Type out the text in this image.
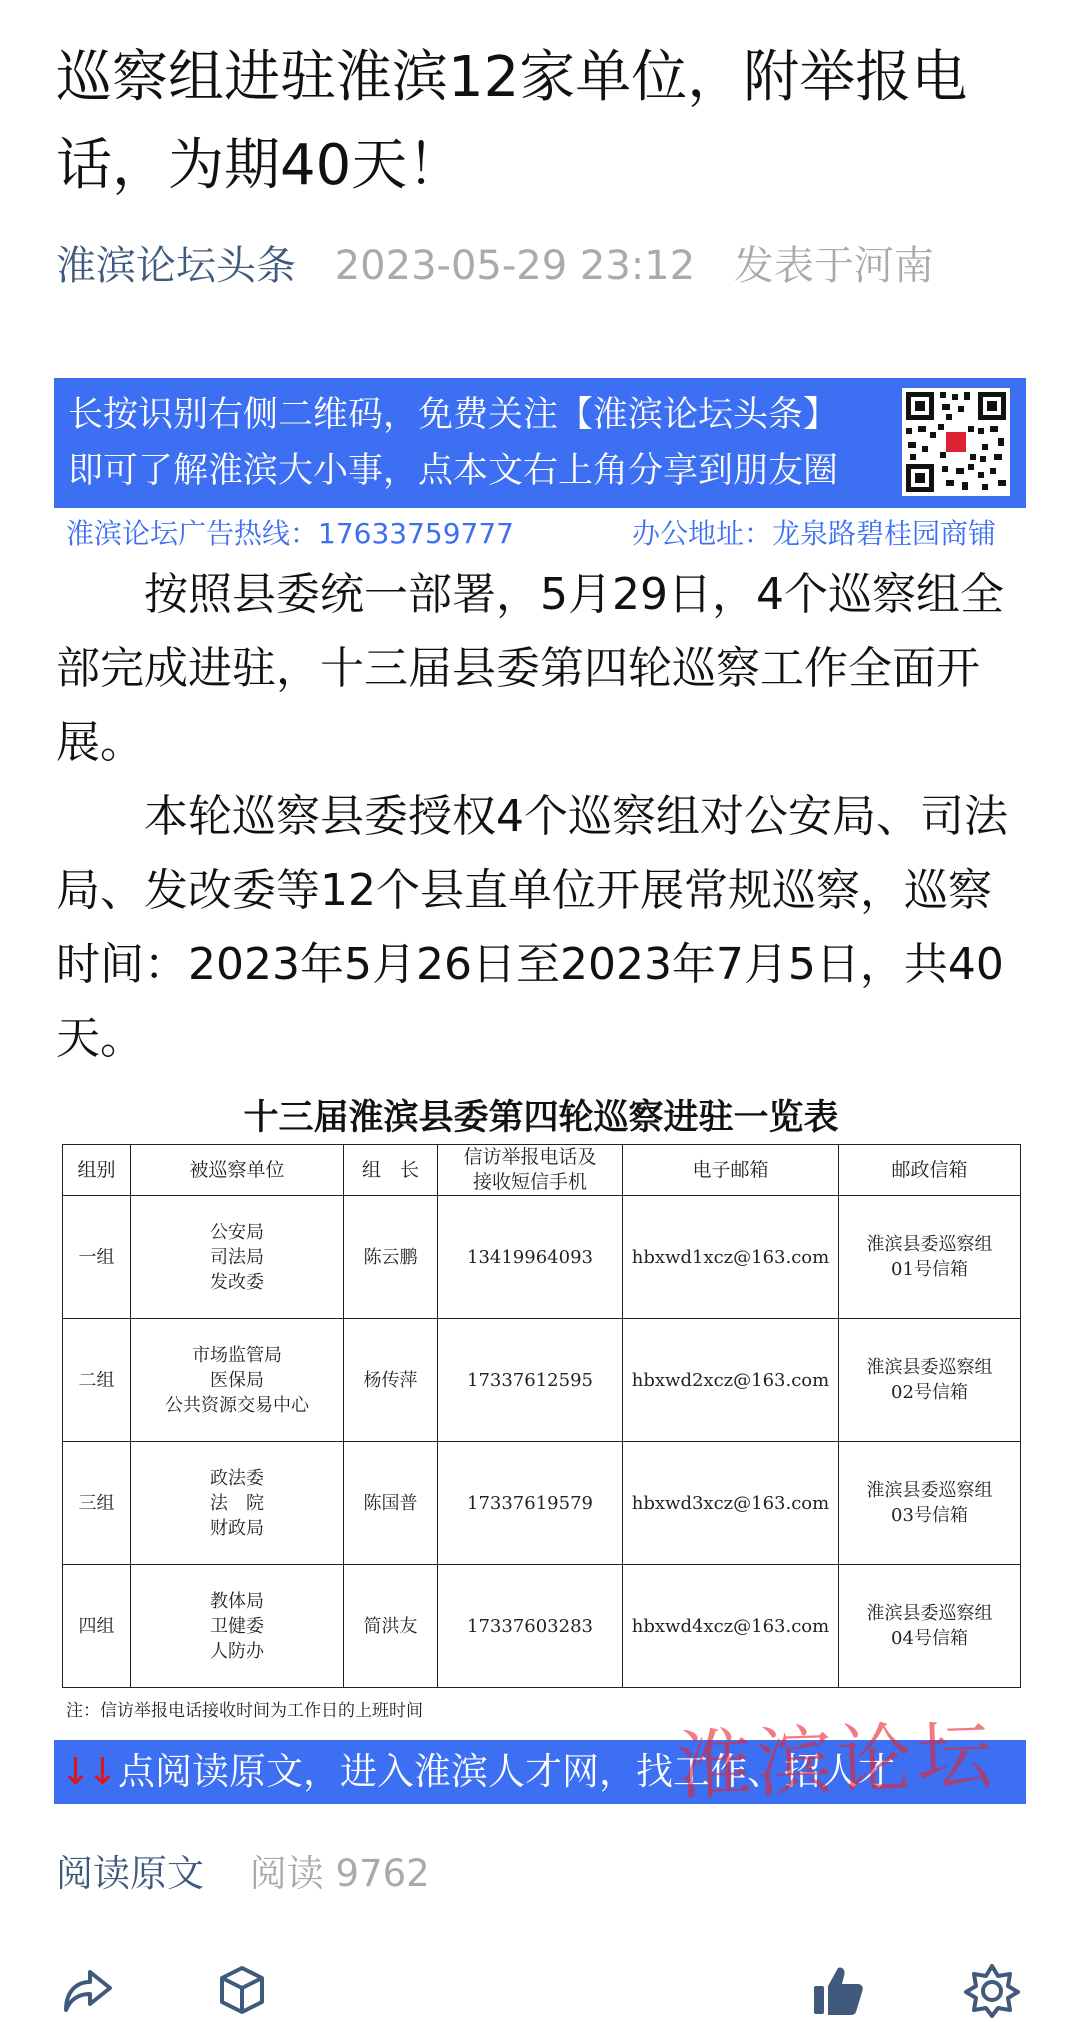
巡察组进驻淮滨12家单位，附举报电话，为期40天！
淮滨论坛头条 2023-05-29 23:12 发表于河南
长按识别右侧二维码，免费关注【淮滨论坛头条】
即可了解淮滨大小事，点本文右上角分享到朋友圈
淮滨论坛广告热线：17633759777	办公地址：龙泉路碧桂园商铺

按照县委统一部署，5月29日，4个巡察组全部完成进驻，十三届县委第四轮巡察工作全面开展。

本轮巡察县委授权4个巡察组对公安局、司法局、发改委等12个县直单位开展常规巡察，巡察时间：2023年5月26日至2023年7月5日，共40天。

十三届淮滨县委第四轮巡察进驻一览表
组别	被巡察单位	组　长	信访举报电话及
接收短信手机	电子邮箱	邮政信箱
一组	公安局
司法局
发改委	陈云鹏	13419964093	hbxwd1xcz@163.com	淮滨县委巡察组
01号信箱

二组	市场监管局
医保局
公共资源交易中心	杨传萍	17337612595	hbxwd2xcz@163.com	淮滨县委巡察组
02号信箱

三组	政法委
法　院
财政局	陈国普	17337619579	hbxwd3xcz@163.com	淮滨县委巡察组
03号信箱

四组	教体局
卫健委
人防办	简洪友	17337603283	hbxwd4xcz@163.com	淮滨县委巡察组
04号信箱
注：信访举报电话接收时间为工作日的上班时间
↓↓ 点阅读原文，进入淮滨人才网，找工作、招人才
淮滨论坛
阅读原文 阅读 9762
